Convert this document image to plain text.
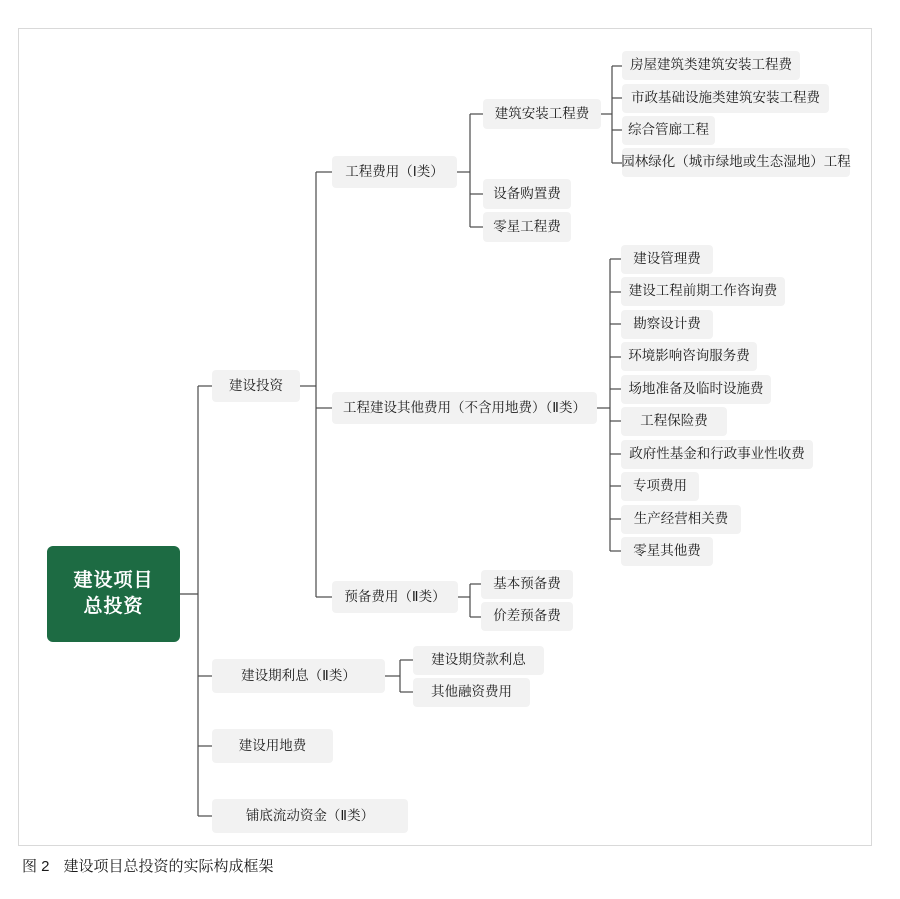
建设项目
总投资
建设投资
建设期利息（Ⅱ类）
建设用地费
铺底流动资金（Ⅱ类）
工程费用（Ⅰ类）
工程建设其他费用（不含用地费）（Ⅱ类）
预备费用（Ⅱ类）
建筑安装工程费
设备购置费
零星工程费
房屋建筑类建筑安装工程费
市政基础设施类建筑安装工程费
综合管廊工程
园林绿化（城市绿地或生态湿地）工程
建设管理费
建设工程前期工作咨询费
勘察设计费
环境影响咨询服务费
场地准备及临时设施费
工程保险费
政府性基金和行政事业性收费
专项费用
生产经营相关费
零星其他费
基本预备费
价差预备费
建设期贷款利息
其他融资费用
图 2 建设项目总投资的实际构成框架
